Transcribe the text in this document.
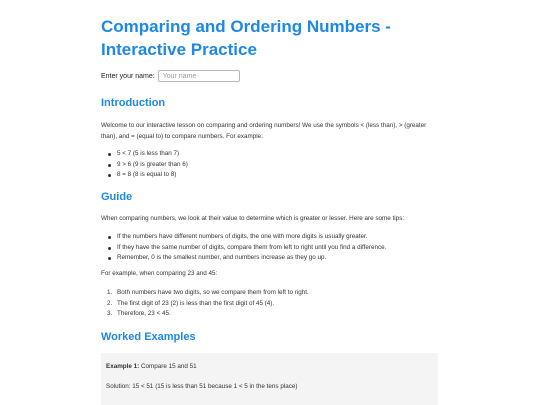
Comparing and Ordering Numbers - Interactive Practice
Enter your name:
Your name
Introduction

Welcome to our interactive lesson on comparing and ordering numbers! We use the symbols < (less than), > (greater than), and = (equal to) to compare numbers. For example:

5 < 7 (5 is less than 7)
9 > 6 (9 is greater than 6)
8 = 8 (8 is equal to 8)
Guide

When comparing numbers, we look at their value to determine which is greater or lesser. Here are some tips:

If the numbers have different numbers of digits, the one with more digits is usually greater.
If they have the same number of digits, compare them from left to right until you find a difference.
Remember, 0 is the smallest number, and numbers increase as they go up.

For example, when comparing 23 and 45:

1. Both numbers have two digits, so we compare them from left to right.
2. The first digit of 23 (2) is less than the first digit of 45 (4).
3. Therefore, 23 < 45.
Worked Examples
Example 1: Compare 15 and 51
Solution: 15 < 51 (15 is less than 51 because 1 < 5 in the tens place)
